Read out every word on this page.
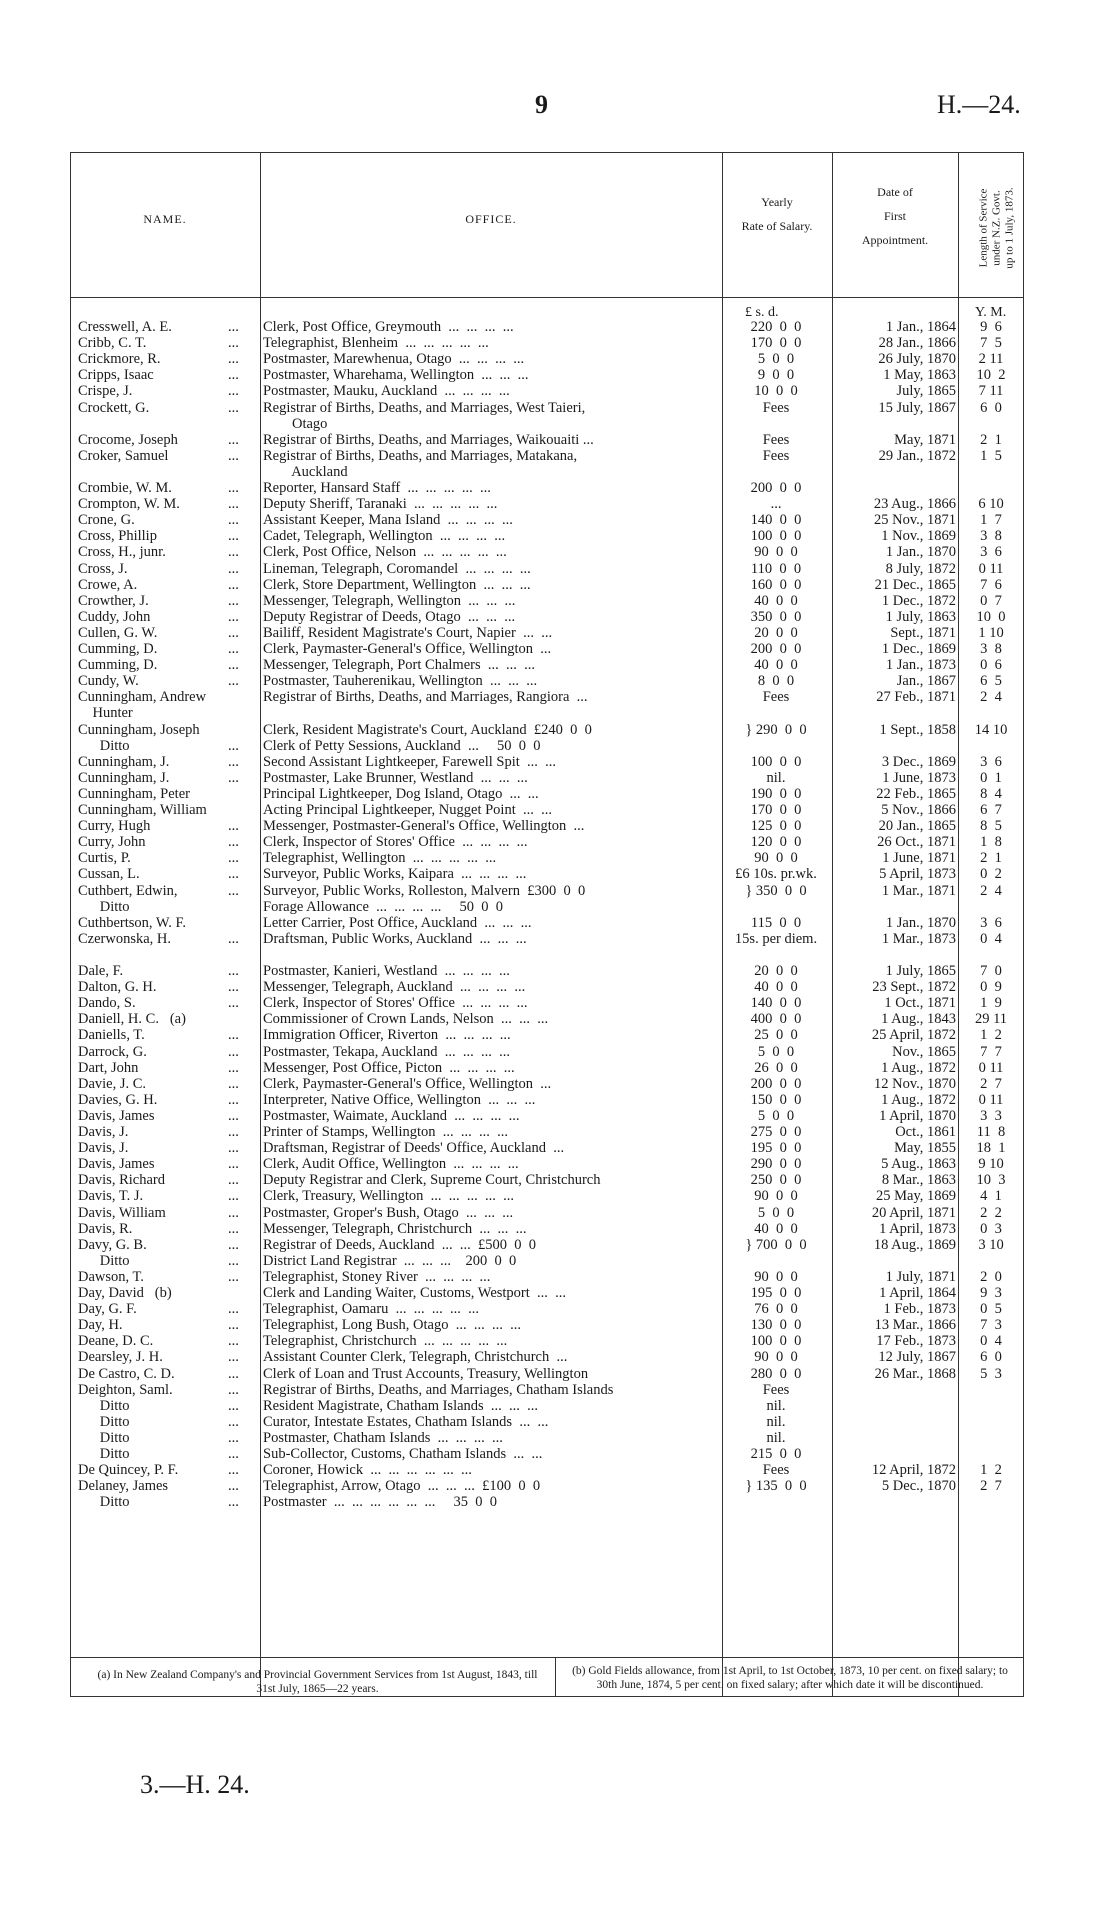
9	H.—24.
NAME.	OFFICE.
Yearly
Rate of Salary.
Date of
First
Appointment.	Length of Service under N.Z. Govt. up to 1 July, 1873.
£ s. d.	Y. M.
Cresswell, A. E.	...	Clerk, Post Office, Greymouth  ...  ...  ...  ...	220  0  0	1 Jan., 1864	9  6
Cribb, C. T.	...	Telegraphist, Blenheim  ...  ...  ...  ...  ...	170  0  0	28 Jan., 1866	7  5
Crickmore, R.	...	Postmaster, Marewhenua, Otago  ...  ...  ...  ...	5  0  0	26 July, 1870	2 11
Cripps, Isaac	...	Postmaster, Wharehama, Wellington  ...  ...  ...	9  0  0	1 May, 1863	10  2
Crispe, J.	...	Postmaster, Mauku, Auckland  ...  ...  ...  ...	10  0  0	July, 1865	7 11
Crockett, G.	...	Registrar of Births, Deaths, and Marriages, West Taieri,	Fees	15 July, 1867	6  0
Otago
Crocome, Joseph	...	Registrar of Births, Deaths, and Marriages, Waikouaiti ...	Fees	May, 1871	2  1
Croker, Samuel	...	Registrar of Births, Deaths, and Marriages, Matakana,	Fees	29 Jan., 1872	1  5
Auckland
Crombie, W. M.	...	Reporter, Hansard Staff  ...  ...  ...  ...  ...	200  0  0
Crompton, W. M.	...	Deputy Sheriff, Taranaki  ...  ...  ...  ...  ...	...	23 Aug., 1866	6 10
Crone, G.	...	Assistant Keeper, Mana Island  ...  ...  ...  ...	140  0  0	25 Nov., 1871	1  7
Cross, Phillip	...	Cadet, Telegraph, Wellington  ...  ...  ...  ...	100  0  0	1 Nov., 1869	3  8
Cross, H., junr.	...	Clerk, Post Office, Nelson  ...  ...  ...  ...  ...	90  0  0	1 Jan., 1870	3  6
Cross, J.	...	Lineman, Telegraph, Coromandel  ...  ...  ...  ...	110  0  0	8 July, 1872	0 11
Crowe, A.	...	Clerk, Store Department, Wellington  ...  ...  ...	160  0  0	21 Dec., 1865	7  6
Crowther, J.	...	Messenger, Telegraph, Wellington  ...  ...  ...	40  0  0	1 Dec., 1872	0  7
Cuddy, John	...	Deputy Registrar of Deeds, Otago  ...  ...  ...	350  0  0	1 July, 1863	10  0
Cullen, G. W.	...	Bailiff, Resident Magistrate's Court, Napier  ...  ...	20  0  0	Sept., 1871	1 10
Cumming, D.	...	Clerk, Paymaster-General's Office, Wellington  ...	200  0  0	1 Dec., 1869	3  8
Cumming, D.	...	Messenger, Telegraph, Port Chalmers  ...  ...  ...	40  0  0	1 Jan., 1873	0  6
Cundy, W.	...	Postmaster, Tauherenikau, Wellington  ...  ...  ...	8  0  0	Jan., 1867	6  5
Cunningham, Andrew	Registrar of Births, Deaths, and Marriages, Rangiora  ...	Fees	27 Feb., 1871	2  4
Hunter
Cunningham, Joseph	Clerk, Resident Magistrate's Court, Auckland  £240  0  0	} 290  0  0	1 Sept., 1858	14 10
Ditto	...	Clerk of Petty Sessions, Auckland  ...     50  0  0
Cunningham, J.	...	Second Assistant Lightkeeper, Farewell Spit  ...  ...	100  0  0	3 Dec., 1869	3  6
Cunningham, J.	...	Postmaster, Lake Brunner, Westland  ...  ...  ...	nil.	1 June, 1873	0  1
Cunningham, Peter	Principal Lightkeeper, Dog Island, Otago  ...  ...	190  0  0	22 Feb., 1865	8  4
Cunningham, William	Acting Principal Lightkeeper, Nugget Point  ...  ...	170  0  0	5 Nov., 1866	6  7
Curry, Hugh	...	Messenger, Postmaster-General's Office, Wellington  ...	125  0  0	20 Jan., 1865	8  5
Curry, John	...	Clerk, Inspector of Stores' Office  ...  ...  ...  ...	120  0  0	26 Oct., 1871	1  8
Curtis, P.	...	Telegraphist, Wellington  ...  ...  ...  ...  ...	90  0  0	1 June, 1871	2  1
Cussan, L.	...	Surveyor, Public Works, Kaipara  ...  ...  ...  ...	£6 10s. pr.wk.	5 April, 1873	0  2
Cuthbert, Edwin,	...	Surveyor, Public Works, Rolleston, Malvern  £300  0  0	} 350  0  0	1 Mar., 1871	2  4
Ditto	Forage Allowance  ...  ...  ...  ...     50  0  0
Cuthbertson, W. F.	Letter Carrier, Post Office, Auckland  ...  ...  ...	115  0  0	1 Jan., 1870	3  6
Czerwonska, H.	...	Draftsman, Public Works, Auckland  ...  ...  ...	15s. per diem.	1 Mar., 1873	0  4
Dale, F.	...	Postmaster, Kanieri, Westland  ...  ...  ...  ...	20  0  0	1 July, 1865	7  0
Dalton, G. H.	...	Messenger, Telegraph, Auckland  ...  ...  ...  ...	40  0  0	23 Sept., 1872	0  9
Dando, S.	...	Clerk, Inspector of Stores' Office  ...  ...  ...  ...	140  0  0	1 Oct., 1871	1  9
Daniell, H. C.   (a)	Commissioner of Crown Lands, Nelson  ...  ...  ...	400  0  0	1 Aug., 1843	29 11
Daniells, T.	...	Immigration Officer, Riverton  ...  ...  ...  ...	25  0  0	25 April, 1872	1  2
Darrock, G.	...	Postmaster, Tekapa, Auckland  ...  ...  ...  ...	5  0  0	Nov., 1865	7  7
Dart, John	...	Messenger, Post Office, Picton  ...  ...  ...  ...	26  0  0	1 Aug., 1872	0 11
Davie, J. C.	...	Clerk, Paymaster-General's Office, Wellington  ...	200  0  0	12 Nov., 1870	2  7
Davies, G. H.	...	Interpreter, Native Office, Wellington  ...  ...  ...	150  0  0	1 Aug., 1872	0 11
Davis, James	...	Postmaster, Waimate, Auckland  ...  ...  ...  ...	5  0  0	1 April, 1870	3  3
Davis, J.	...	Printer of Stamps, Wellington  ...  ...  ...  ...	275  0  0	Oct., 1861	11  8
Davis, J.	...	Draftsman, Registrar of Deeds' Office, Auckland  ...	195  0  0	May, 1855	18  1
Davis, James	...	Clerk, Audit Office, Wellington  ...  ...  ...  ...	290  0  0	5 Aug., 1863	9 10
Davis, Richard	...	Deputy Registrar and Clerk, Supreme Court, Christchurch	250  0  0	8 Mar., 1863	10  3
Davis, T. J.	...	Clerk, Treasury, Wellington  ...  ...  ...  ...  ...	90  0  0	25 May, 1869	4  1
Davis, William	...	Postmaster, Groper's Bush, Otago  ...  ...  ...	5  0  0	20 April, 1871	2  2
Davis, R.	...	Messenger, Telegraph, Christchurch  ...  ...  ...	40  0  0	1 April, 1873	0  3
Davy, G. B.	...	Registrar of Deeds, Auckland  ...  ...  £500  0  0	} 700  0  0	18 Aug., 1869	3 10
Ditto	...	District Land Registrar  ...  ...  ...    200  0  0
Dawson, T.	...	Telegraphist, Stoney River  ...  ...  ...  ...	90  0  0	1 July, 1871	2  0
Day, David   (b)	Clerk and Landing Waiter, Customs, Westport  ...  ...	195  0  0	1 April, 1864	9  3
Day, G. F.	...	Telegraphist, Oamaru  ...  ...  ...  ...  ...	76  0  0	1 Feb., 1873	0  5
Day, H.	...	Telegraphist, Long Bush, Otago  ...  ...  ...  ...	130  0  0	13 Mar., 1866	7  3
Deane, D. C.	...	Telegraphist, Christchurch  ...  ...  ...  ...  ...	100  0  0	17 Feb., 1873	0  4
Dearsley, J. H.	...	Assistant Counter Clerk, Telegraph, Christchurch  ...	90  0  0	12 July, 1867	6  0
De Castro, C. D.	...	Clerk of Loan and Trust Accounts, Treasury, Wellington	280  0  0	26 Mar., 1868	5  3
Deighton, Saml.	...	Registrar of Births, Deaths, and Marriages, Chatham Islands	Fees
Ditto	...	Resident Magistrate, Chatham Islands  ...  ...  ...	nil.
Ditto	...	Curator, Intestate Estates, Chatham Islands  ...  ...	nil.
Ditto	...	Postmaster, Chatham Islands  ...  ...  ...  ...	nil.
Ditto	...	Sub-Collector, Customs, Chatham Islands  ...  ...	215  0  0
De Quincey, P. F.	...	Coroner, Howick  ...  ...  ...  ...  ...  ...	Fees	12 April, 1872	1  2
Delaney, James	...	Telegraphist, Arrow, Otago  ...  ...  ...  £100  0  0	} 135  0  0	5 Dec., 1870	2  7
Ditto	...	Postmaster  ...  ...  ...  ...  ...  ...     35  0  0
(a) In New Zealand Company's and Provincial Government Services from 1st August, 1843, till 31st July, 1865—22 years.
(b) Gold Fields allowance, from 1st April, to 1st October, 1873, 10 per cent. on fixed salary; to 30th June, 1874, 5 per cent. on fixed salary; after which date it will be discontinued.
3.—H. 24.
